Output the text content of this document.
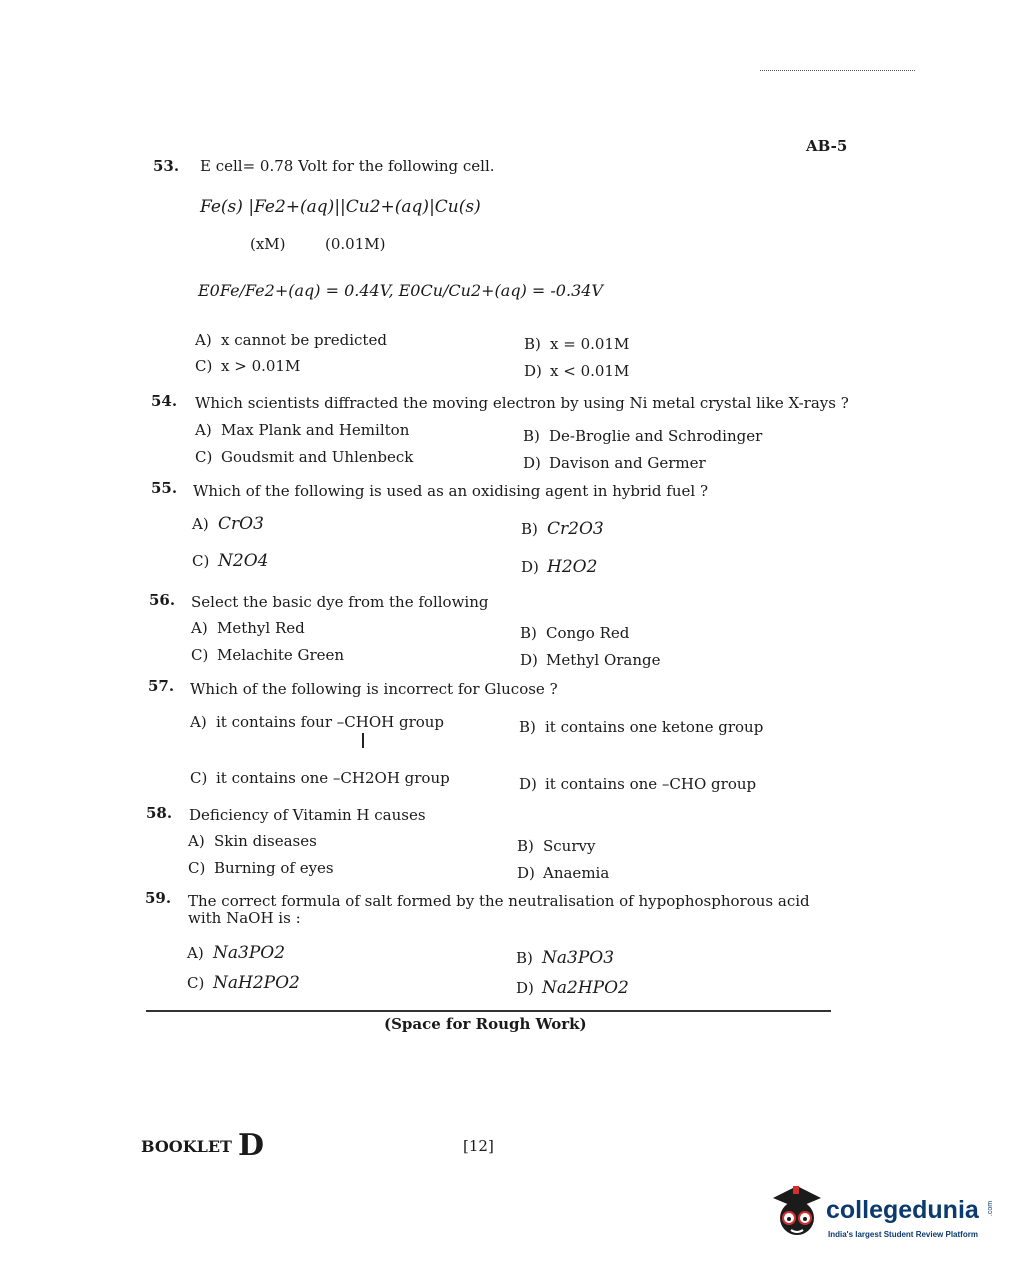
AB-5
53. E cell= 0.78 Volt for the following cell.
Fe(s) |Fe2+(aq)||Cu2+(aq)|Cu(s)
(xM)	(0.01M)
E0Fe/Fe2+(aq) = 0.44V, E0Cu/Cu2+(aq) = -0.34V
A) x cannot be predicted	B) x = 0.01M
C) x > 0.01M	D) x < 0.01M
54. Which scientists diffracted the moving electron by using Ni metal crystal like X-rays ?
A) Max Plank and Hemilton	B) De-Broglie and Schrodinger
C) Goudsmit and Uhlenbeck	D) Davison and Germer
55. Which of the following is used as an oxidising agent in hybrid fuel ?
A) CrO3	B) Cr2O3
C) N2O4	D) H2O2
56. Select the basic dye from the following
A) Methyl Red	B) Congo Red
C) Melachite Green	D) Methyl Orange
57. Which of the following is incorrect for Glucose ?
A) it contains four –CHOH group	B) it contains one ketone group
C) it contains one –CH2OH group	D) it contains one –CHO group
58. Deficiency of Vitamin H causes
A) Skin diseases	B) Scurvy
C) Burning of eyes	D) Anaemia
59. The correct formula of salt formed by the neutralisation of hypophosphorous acid
with NaOH is :
A) Na3PO2	B) Na3PO3
C) NaH2PO2	D) Na2HPO2
(Space for Rough Work)
BOOKLET D	[12]
collegedunia .com
India's largest Student Review Platform
